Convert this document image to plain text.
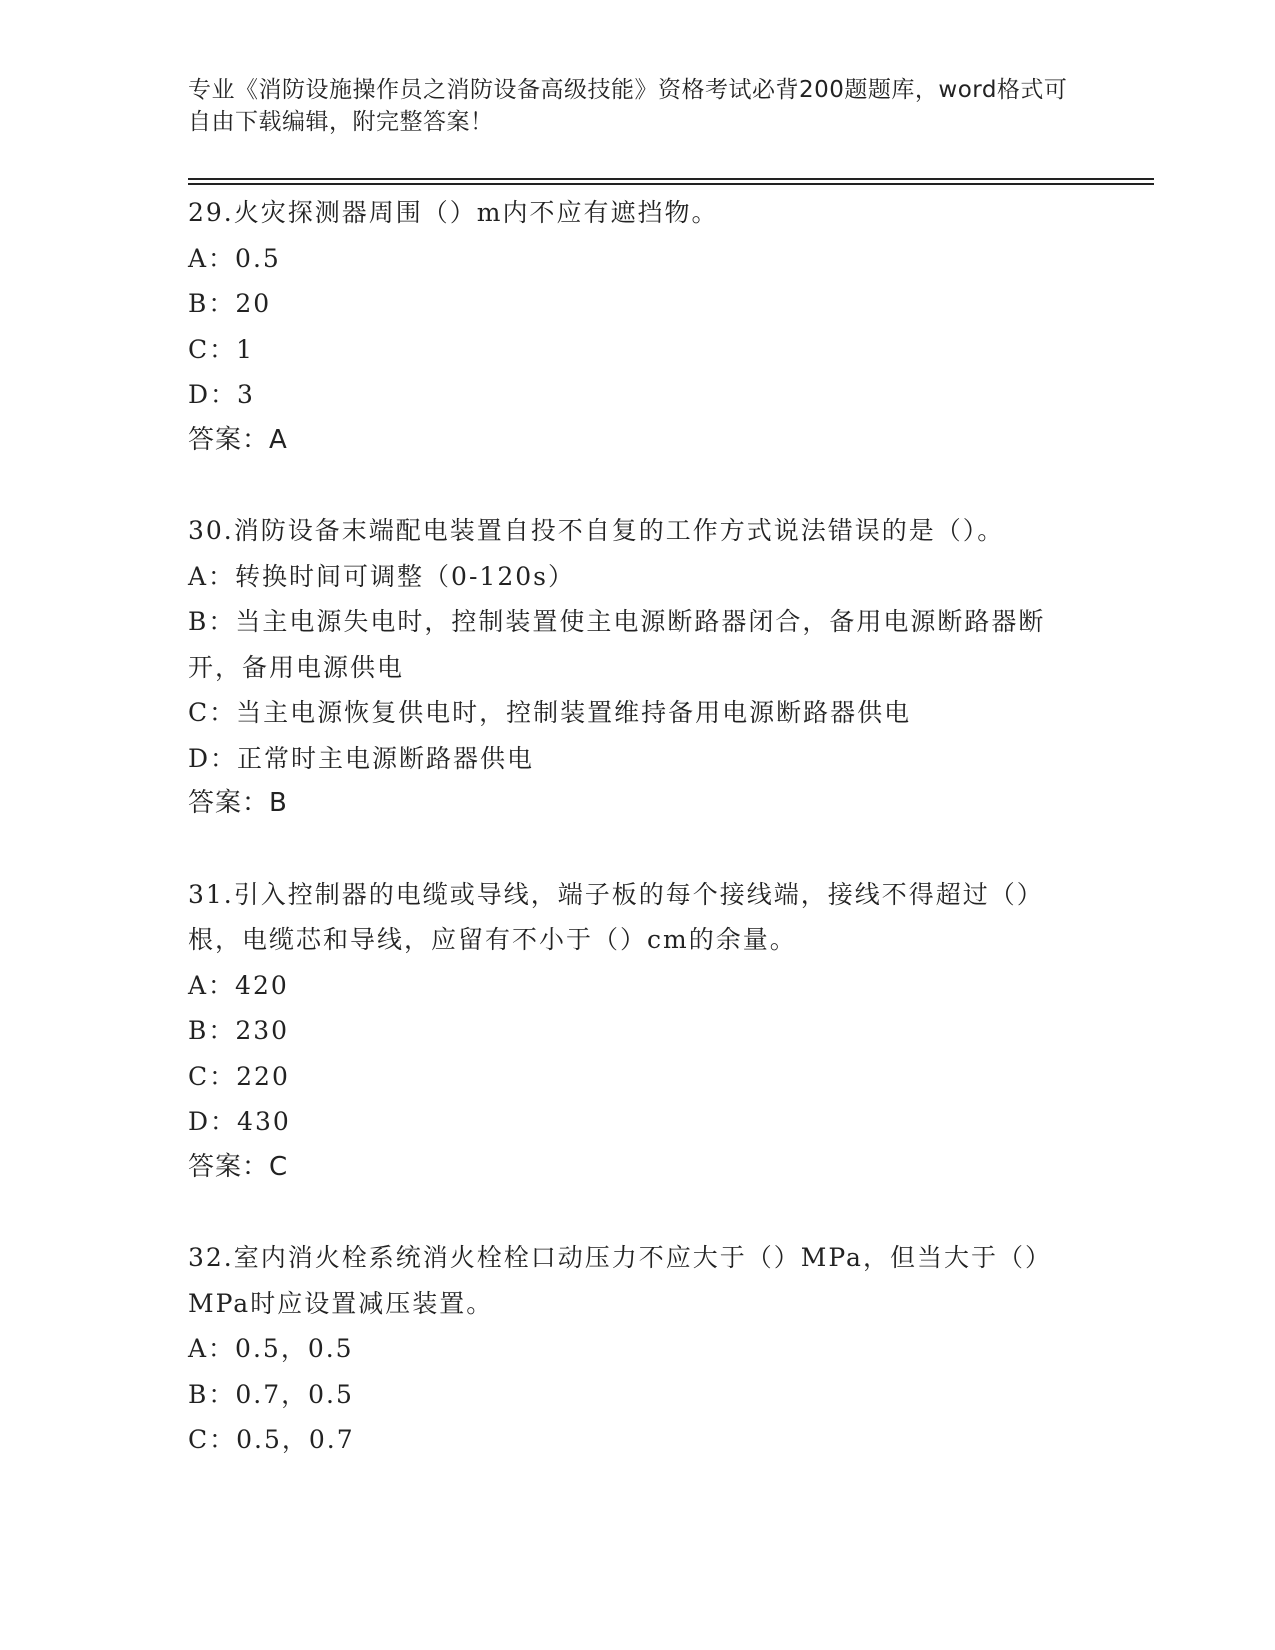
专业《消防设施操作员之消防设备高级技能》资格考试必背200题题库，word格式可自由下载编辑，附完整答案！
29.火灾探测器周围（）m内不应有遮挡物。
A：0.5
B：20
C：1
D：3
答案：A
30.消防设备末端配电装置自投不自复的工作方式说法错误的是（）。
A：转换时间可调整（0-120s）
B：当主电源失电时，控制装置使主电源断路器闭合，备用电源断路器断开，备用电源供电
C：当主电源恢复供电时，控制装置维持备用电源断路器供电
D：正常时主电源断路器供电
答案：B
31.引入控制器的电缆或导线，端子板的每个接线端，接线不得超过（）根，电缆芯和导线，应留有不小于（）cm的余量。
A：420
B：230
C：220
D：430
答案：C
32.室内消火栓系统消火栓栓口动压力不应大于（）MPa，但当大于（）MPa时应设置减压装置。
A：0.5，0.5
B：0.7，0.5
C：0.5，0.7
